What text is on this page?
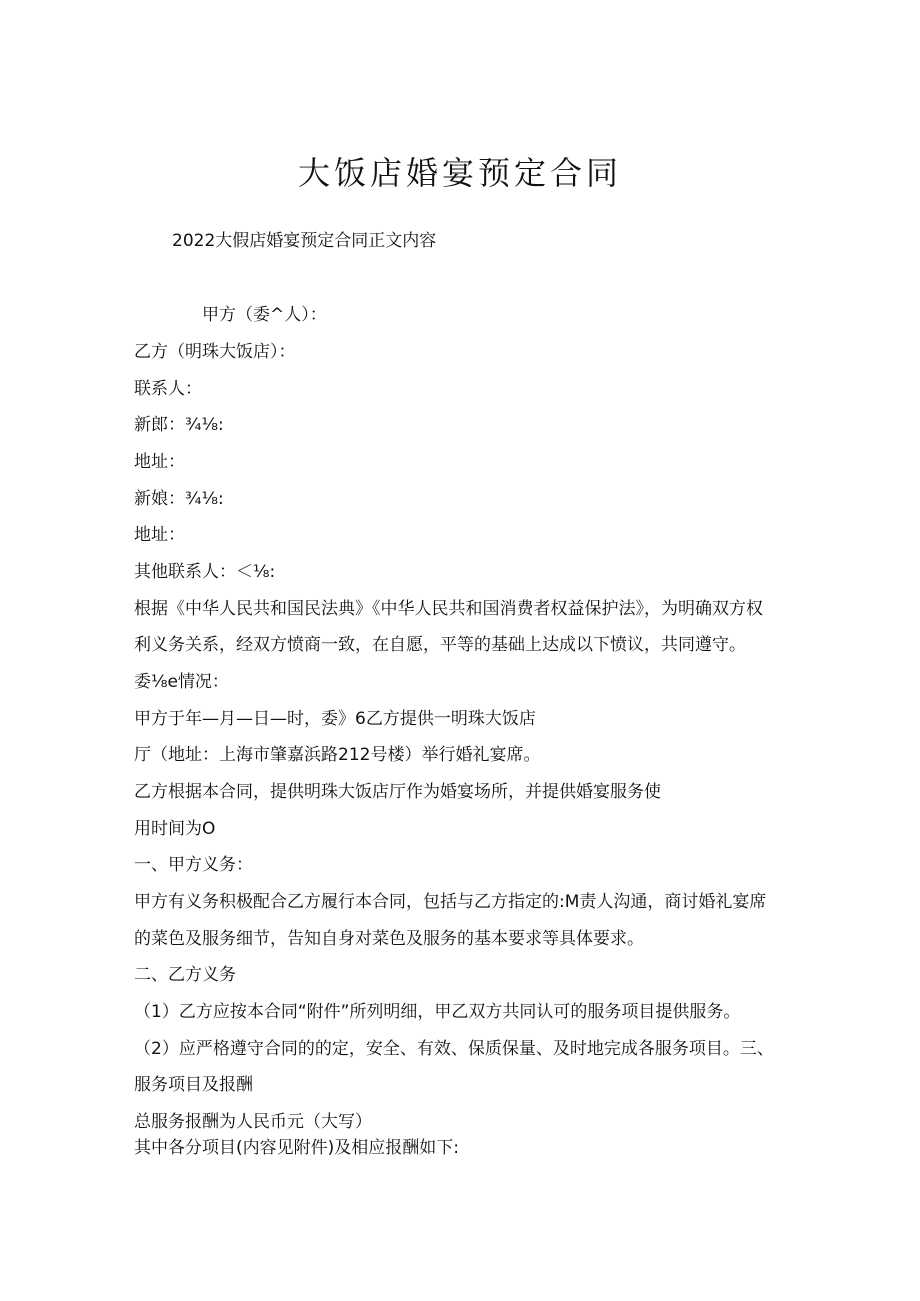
大饭店婚宴预定合同

2022大假店婚宴预定合同正文内容

甲方（委^人）：

乙方（明珠大饭店）：

联系人：

新郎：¾⅛:

地址：

新娘：¾⅛:

地址：

其他联系人：＜⅛:

根据《中华人民共和国民法典》《中华人民共和国消费者权益保护法》，为明确双方权

利义务关系，经双方愤商一致，在自愿，平等的基础上达成以下愤议，共同遵守。

委⅛e情况：

甲方于年—月—日—时，委》6乙方提供一明珠大饭店

厅（地址：上海市肇嘉浜路212号楼）举行婚礼宴席。

乙方根据本合同，提供明珠大饭店厅作为婚宴场所，并提供婚宴服务使

用时间为O

一、甲方义务：

甲方有义务积极配合乙方履行本合同，包括与乙方指定的:M责人沟通，商讨婚礼宴席

的菜色及服务细节，告知自身对菜色及服务的基本要求等具体要求。

二、乙方义务

（1）乙方应按本合同“附件”所列明细，甲乙双方共同认可的服务项目提供服务。

（2）应严格遵守合同的的定，安全、有效、保质保量、及时地完成各服务项目。三、

服务项目及报酬

总服务报酬为人民币元（大写）

其中各分项目(内容见附件)及相应报酬如下:
